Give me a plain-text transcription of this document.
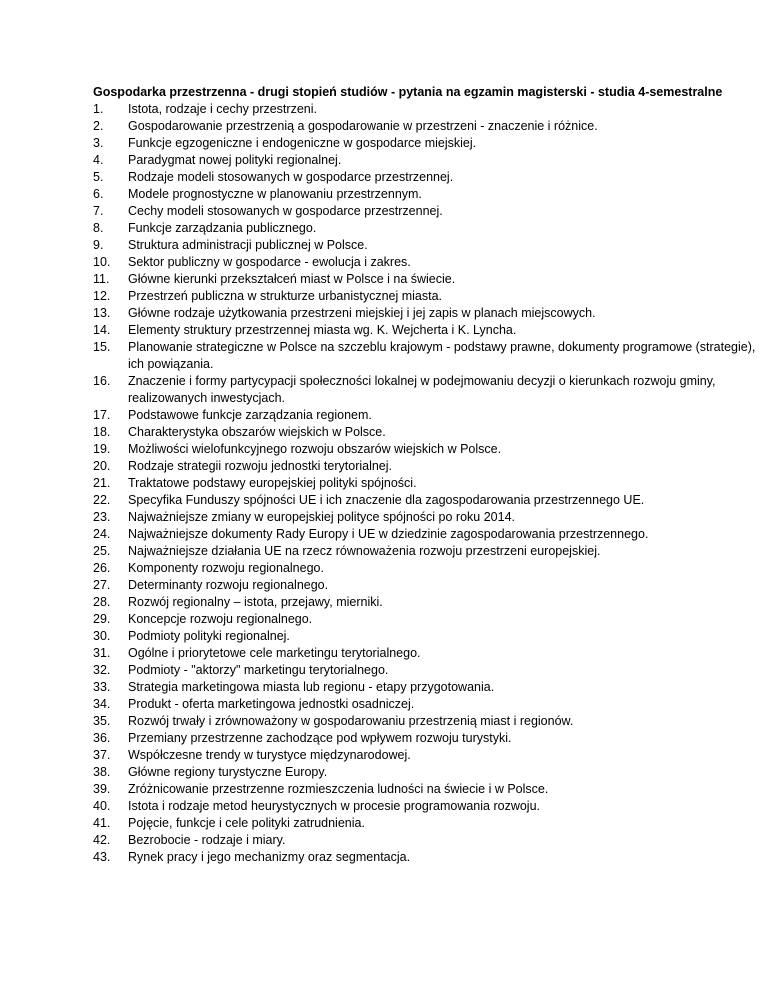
Gospodarka przestrzenna - drugi stopień studiów - pytania na egzamin magisterski - studia 4-semestralne

1.	Istota, rodzaje i cechy przestrzeni.
2.	Gospodarowanie przestrzenią a gospodarowanie w przestrzeni - znaczenie i różnice.
3.	Funkcje egzogeniczne i endogeniczne w gospodarce miejskiej.
4.	Paradygmat nowej polityki regionalnej.
5.	Rodzaje modeli stosowanych w gospodarce przestrzennej.
6.	Modele prognostyczne w planowaniu przestrzennym.
7.	Cechy modeli stosowanych w gospodarce przestrzennej.
8.	Funkcje zarządzania publicznego.
9.	Struktura administracji publicznej w Polsce.
10.	Sektor publiczny w gospodarce - ewolucja i zakres.
11.	Główne kierunki przekształceń miast w Polsce i na świecie.
12.	Przestrzeń publiczna w strukturze urbanistycznej miasta.
13.	Główne rodzaje użytkowania przestrzeni miejskiej i jej zapis w planach miejscowych.
14.	Elementy struktury przestrzennej miasta wg. K. Wejcherta i K. Lyncha.
15.	Planowanie strategiczne w Polsce na szczeblu krajowym - podstawy prawne, dokumenty programowe (strategie), ich powiązania.
16.	Znaczenie i formy partycypacji społeczności lokalnej w podejmowaniu decyzji o kierunkach rozwoju gminy, realizowanych inwestycjach.
17.	Podstawowe funkcje zarządzania regionem.
18.	Charakterystyka obszarów wiejskich w Polsce.
19.	Możliwości wielofunkcyjnego rozwoju obszarów wiejskich w Polsce.
20.	Rodzaje strategii rozwoju jednostki terytorialnej.
21.	Traktatowe podstawy europejskiej polityki spójności.
22.	Specyfika Funduszy spójności UE i ich znaczenie dla zagospodarowania przestrzennego UE.
23.	Najważniejsze zmiany w europejskiej polityce spójności po roku 2014.
24.	Najważniejsze dokumenty Rady Europy i UE w dziedzinie zagospodarowania przestrzennego.
25.	Najważniejsze działania UE na rzecz równoważenia rozwoju przestrzeni europejskiej.
26.	Komponenty rozwoju regionalnego.
27.	Determinanty rozwoju regionalnego.
28.	Rozwój regionalny – istota, przejawy, mierniki.
29.	Koncepcje rozwoju regionalnego.
30.	Podmioty polityki regionalnej.
31.	Ogólne i priorytetowe cele marketingu terytorialnego.
32.	Podmioty - "aktorzy" marketingu terytorialnego.
33.	Strategia marketingowa miasta lub regionu - etapy przygotowania.
34.	Produkt - oferta marketingowa jednostki osadniczej.
35.	Rozwój trwały i zrównoważony w gospodarowaniu przestrzenią miast i regionów.
36.	Przemiany przestrzenne zachodzące pod wpływem rozwoju turystyki.
37.	Współczesne trendy w turystyce międzynarodowej.
38.	Główne regiony turystyczne Europy.
39.	Zróżnicowanie przestrzenne rozmieszczenia ludności na świecie i w Polsce.
40.	Istota i rodzaje metod heurystycznych w procesie programowania rozwoju.
41.	Pojęcie, funkcje i cele polityki zatrudnienia.
42.	Bezrobocie - rodzaje i miary.
43.	Rynek pracy i jego mechanizmy oraz segmentacja.
